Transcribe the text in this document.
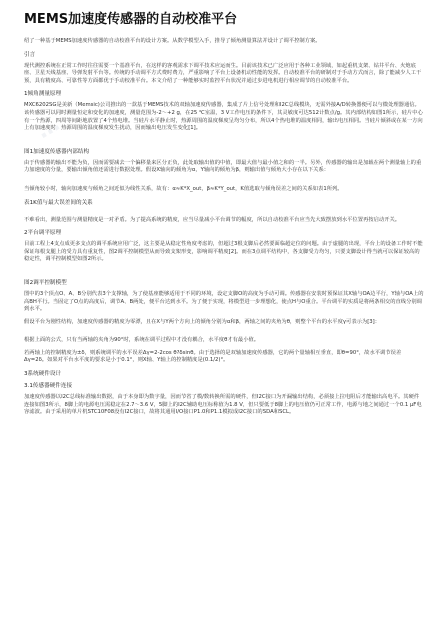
⋯
MEMS加速度传感器的自动校准平台
绍了一种基于MEMS加速度传感器的自动校准平台的设计方案。从数学模型入手，推导了倾角测量算法并设计了调平控制方案。
引言
现代测控系统在正常工作时往往需要一个基准平台，在这样的客观需求下调平技术应运而生。目前该技术已广泛应用于各种工业领域，如起重机支架、钻井平台、火炮底座、卫星天线基座、导弹发射平台等。传统的手动调平方式费时费力，严重影响了平台上设备机动性能的发挥。自动校准平台的研制对于手动方式而言，除了能减少人工干预，具有精度高、可靠性等方面都优于手动校准平台。本文介绍了一种能够实时监控平台状况并通过步进电机进行相应调节的自动校准平台。
1倾角测量原理
MXC6202SG是美新（Memsic)公司推出的一款基于MEMS技术的双轴加速度传感器，集成了片上信号处理和I2C总线模块，无需外接A/D转换器便可以与微处理器通信。该传感器可以同时测量恒定和变化的加速度，测量范围为-2～+2 g，在25 ℃室温，3 V工作电压的条件下，其灵敏度可达512计数点/g。其内部结构如图1所示，硅片中心有一个热源，四周等间距地放置了4个热电堆。当硅片水平静止时，热源周围的温度梯度呈均匀分布，所以4个热电堆的温度相同，输出电压相同。当硅片倾斜或在某一方向上有加速度时，热源周围的温度梯度发生扰动，因而输出电压发生变化[1]。
图1加速度传感器内部结构
由于传感器的输出不能为负，因而需要减去一个偏移量来区分正负，此处取输出值的中值，即最大值与最小值之和的一半。另外，传感器的输出是加载在两个测量轴上的重力加速度的分量，要输出倾角值还需进行数据处理。假设X轴向的倾角为α，Y轴向的倾角为β，则输出值与倾角大小存在以下关系：
当倾角较小时，轴向加速度与倾角之间近似为线性关系，故有：α≈K*X_out，β≈K*Y_out，K值选取与倾角误差之间的关系如表1所列。
表1K值与最大误差间的关系
不难看出，测量范围与测量精度是一对矛盾。为了提高系统的精度，应当尽量减小平台调节的幅度，所以自动校准平台应当先大致摆放到水平位置再按启动开关。
2平台调平原理
目前工程上4支点成更多支点的调平系统应用广泛，这主要是从稳定性角度考虑的，但超过3根支脚后必然要面临超定位的问题。由于虚腿的出现，平台上的设备工作时不能保证每根支腿上的受力具有重复性，图2调平控制模型从而导致支架形变，影响调平精度[2]。而在3点调平结构中，各支脚受力均匀，只要支脚设计得当就可以保证较高的稳定性，调平控制模型如图2所示。
图2调平控制模型
图中的3个顶点O、A、B分别代表3个支撑轴，为了使基座能够适用于不同的环境，设定支脚O的高度为手动可调。传感器在安装时预保证其X轴与OA边平行，Y轴与OA上的高BH平行。当固定了O点的高度后，调节A、B两处，便平台达到水平。为了便于实现，将模型进一步理想化，使点H与O重合。平台调平的实质是将两条相交的直线分别调到水平。
假设平台为刚性结构，加速度传感器的精度为零漂，且在X与Y两个方向上的倾角分别为α和β，两轴之间的夹角为θ，则整个平台的水平度γ可表示为[3]：
根据上面的公式，只有当两轴的夹角为90°时，系统在调平过程中才没有耦合，水平度θ才有最小值。
若两轴上的控制精度为±δ，则系统调平的水平误差Δγ=2-2cos θ?δsinθ。由于选择的是双轴加速度传感器，它的两个量轴相互垂直，即θ=90°，故水平调节误差Δγ=2δ。如果对平台水平度的要求是小于0.1°，则X轴、Y轴上的控制精度是(0.1/2)°。
3系统硬件设计
3.1传感器硬件连接
加速度传感器以I2C总线标准输出数据，由于本身即为数字量，因而节省了模/数转换所需的硬件，但I2C接口为开漏输出结构，必须接上拉电阻后才能输出高电平。其硬件连接如图3所示，8脚上的电源电压需稳定在2.7～3.6 V，5脚上的I2C辅助电压标称值为1.8 V，但只要低于8脚上的电压值仍可正常工作，电源与地之间通过一个0.1 μF电容滤波。由于采用的单片机STC10F08没有I2C接口，故将其通用I/O接口P1.0和P1.1模拟成I2C接口的SDA和SCL。
